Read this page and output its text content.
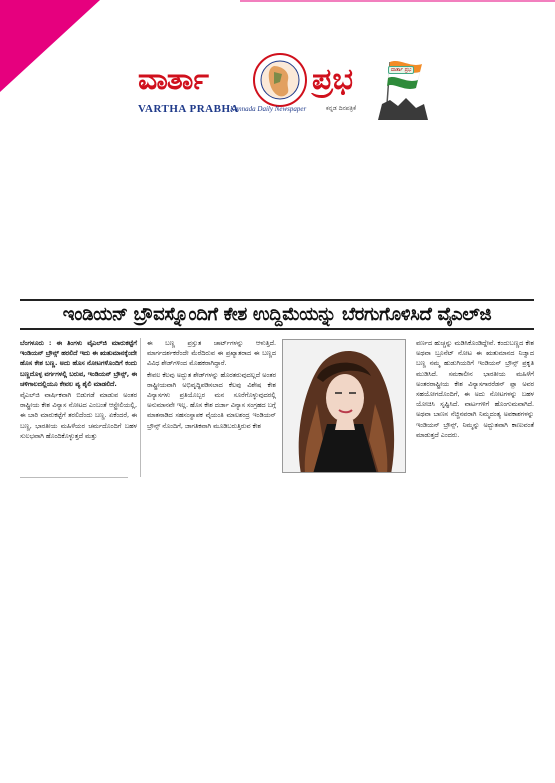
ವಾರ್ತಾ	ಪ್ರಭ	ವಾರ್ತಾ ಪ್ರಭ
VARTHA PRABHA
Kannada Daily Newspaper	ಕನ್ನಡ ದಿನಪತ್ರಿಕೆ
ಇಂಡಿಯನ್ ಬ್ರೌವಸ್ನೊಂದಿಗೆ ಕೇಶ ಉದ್ದಿಮೆಯನ್ನು ಬೆರಗುಗೊಳಿಸಿದೆ ವೈಎಲ್‌ಜಿ

ಬೆಂಗಳೂರು : ಈ ತಿಂಗಳು ವೈಎಲ್‌ಜಿ ಮಾರುಕಟ್ಟೆಗೆ ಇಂಡಿಯನ್ ಬ್ರೌನ್ಸ್ ಹರಲಿದೆ ಇದು ಈ ಋತುಮಾನಕ್ಕೆಂದೇ ಹೊಸ ಕೇಶ ಬಣ್ಣ. ಅದು ಹೊಸ ನೋಟಗಳೊಂದಿಗೆ ಕಂದು ಬಣ್ಣದೊಳ್ಳ ವರ್ಗಗಳಲ್ಲಿ ಬರುವ, ಇಂಡಿಯನ್ ಬ್ರೌನ್ಸ್, ಈ ಚಳಿಗಾಲದಲ್ಲಿಯೂ ಕೇವಲ ಪ್ಯ ಶೈಲಿ ಮಾಡಲಿದೆ.

ವೈಎಲ್‌ಜಿ ವಾರ್ಷಿಕವಾಗಿ ಬಿಡುಗಡೆ ಮಾಡುವ ಅಂತರ ರಾಷ್ಟ್ರೀಯ ಕೇಶ ವಿನ್ಯಾಸ ನೋಟದ ಎಂಬಂತೆ ಆಸ್ಟ್ರೇಲಿಯಲ್ಲಿ, ಈ ಬಾರಿ ಮಾರುಕಟ್ಟೆಗೆ ತರಲಿದೆಂದು ಬಣ್ಣ. ಏಕೆಂದರೆ, ಈ ಬಣ್ಣ, ಭಾರತೀಯ ಮಹಿಳೆಯರ ಚರ್ಮದೊಂದಿಗೆ ಬಹಳ ಸುಲಭವಾಗಿ ಹೊಂದಿಕೊಳ್ಳುತ್ತದೆ ಮತ್ತು

ಈ ಬಣ್ಣ ಪ್ರಸ್ತುತ ಚಾರ್ಟ್‌ಗಳನ್ನು ಆಳುತ್ತಿದೆ. ಮಾರ್ಗದರ್ಶಕರೆಂದೇ ಮೆರೆದಿರುವ ಈ ಪ್ರಖ್ಯಾತರಾದ ಈ ಬಣ್ಣದ ವಿವಿಧ ಶೇಡ್‌ಗಳಿಂದ ಮೊಹಕರಾಗಿದ್ದಾರೆ.

ಕೇವಲ ಕೆಲವು ಅದ್ಭುತ ಶೇಡ್‌ಗಳನ್ನು ಹೊರತರುವುದಲ್ಲದೆ ಅಂತರ ರಾಷ್ಟ್ರೀಯವಾಗಿ ಅಭಿವೃದ್ಧಿಪಡಿಸಲಾದ ಕೆಲವು ವಿಶೇಷ ಕೇಶ ವಿನ್ಯಾಸಗಳು ಪ್ರತಿಯೊಬ್ಬರ ಮನ ಸೂರೆಗೊಳ್ಳುವುದರಲ್ಲಿ ಅನುಮಾನವೇ ಇಲ್ಲ. ಹೊಸ ಕೇಶ ದರ್ಜಾ ವಿನ್ಯಾಸ ಸಂಗ್ರಹದ ಬಗ್ಗೆ ಮಾತನಾಡಿದ ಸಹಸಂಸ್ಥಾಪಕ ವೈಯಂತಿ ಮಾಲಶಂದ್ರ ಇಂಡಿಯನ್ ಬ್ರೌನ್ಸ್ ನೊಂದಿಗೆ, ಜಾಗತಿಕವಾಗಿ ಮೂಡಿಬರುತ್ತಿರುವ ಕೇಶ

ವರ್ಣದ ಹುಚ್ಚನ್ನು ಮಡಿಸಿಕೊಂಡಿದ್ದೇವೆ. ಕಂದುಬಣ್ಣದ ಕೇಶ ಅಥವಾ ಬ್ರೂನೆಟ್ ನೋಟ ಈ ಋತುಮಾನದ ನಿಜ್ವಾದ ಬಣ್ಣ ನಮ್ಮ ಹುಡುಗಿಯರಿಗೆ ಇಂಡಿಯನ್ ಬ್ರೌನ್ಸ್ ಪ್ರಕೃತಿ ಮುಡಿಸಿದೆ. ಸಮಕಾಲೀನ ಭಾರತೀಯ ಮಹಿಳೆಗೆ ಅಂತರರಾಷ್ಟ್ರೀಯ ಕೇಶ ವಿನ್ಯಾಸಗಾರರೆಡನ್ ಫ್ಲಾ ಅವರ ಸಹಯೋಗದೊಂದಿಗೆ, ಈ ಅದು ನೋಟಗಳನ್ನು ಬಹಳ ಯೋಚಿಸಿ ಸೃಷ್ಟಿಸಿದೆ. ವಾರ್ಟಗಳಿಗೆ ಹೊಂಗುಮವಾಗಿದೆ. ಅಥವಾ ಬಾಣಸ ನೆಚ್ಚಿನವರಾಗಿ ನಿಮ್ಮದಂತ್ಯ ಅವಕಾಶಗಳನ್ನು ಇಂಡಿಯನ್ ಬ್ರೌನ್ಸ್, ನಿಮ್ಮನ್ನು ಅದ್ಭುತವಾಗಿ ಕಾಣುವಂತೆ ಮಾಡುತ್ತದೆ ಎಂದರು.
